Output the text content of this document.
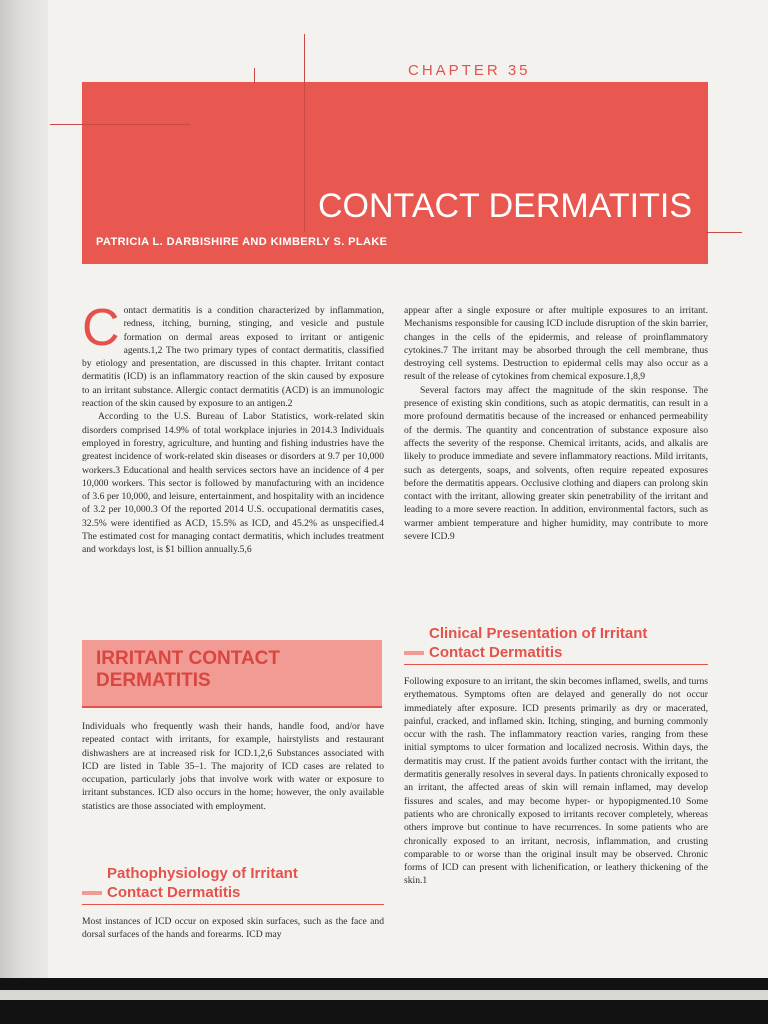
CHAPTER 35

CONTACT DERMATITIS

PATRICIA L. DARBISHIRE AND KIMBERLY S. PLAKE

Contact dermatitis is a condition characterized by inflammation, redness, itching, burning, stinging, and vesicle and pustule formation on dermal areas exposed to irritant or antigenic agents.1,2 The two primary types of contact dermatitis, classified by etiology and presentation, are discussed in this chapter. Irritant contact dermatitis (ICD) is an inflammatory reaction of the skin caused by exposure to an irritant substance. Allergic contact dermatitis (ACD) is an immunologic reaction of the skin caused by exposure to an antigen.2

According to the U.S. Bureau of Labor Statistics, work-related skin disorders comprised 14.9% of total workplace injuries in 2014.3 Individuals employed in forestry, agriculture, and hunting and fishing industries have the greatest incidence of work-related skin diseases or disorders at 9.7 per 10,000 workers.3 Educational and health services sectors have an incidence of 4 per 10,000 workers. This sector is followed by manufacturing with an incidence of 3.6 per 10,000, and leisure, entertainment, and hospitality with an incidence of 3.2 per 10,000.3 Of the reported 2014 U.S. occupational dermatitis cases, 32.5% were identified as ACD, 15.5% as ICD, and 45.2% as unspecified.4 The estimated cost for managing contact dermatitis, which includes treatment and workdays lost, is $1 billion annually.5,6

IRRITANT CONTACT
DERMATITIS

Individuals who frequently wash their hands, handle food, and/or have repeated contact with irritants, for example, hairstylists and restaurant dishwashers are at increased risk for ICD.1,2,6 Substances associated with ICD are listed in Table 35–1. The majority of ICD cases are related to occupation, particularly jobs that involve work with water or exposure to irritant substances. ICD also occurs in the home; however, the only available statistics are those associated with employment.

Pathophysiology of Irritant
Contact Dermatitis

Most instances of ICD occur on exposed skin surfaces, such as the face and dorsal surfaces of the hands and forearms. ICD may

appear after a single exposure or after multiple exposures to an irritant. Mechanisms responsible for causing ICD include disruption of the skin barrier, changes in the cells of the epidermis, and release of proinflammatory cytokines.7 The irritant may be absorbed through the cell membrane, thus destroying cell systems. Destruction to epidermal cells may also occur as a result of the release of cytokines from chemical exposure.1,8,9

Several factors may affect the magnitude of the skin response. The presence of existing skin conditions, such as atopic dermatitis, can result in a more profound dermatitis because of the increased or enhanced permeability of the dermis. The quantity and concentration of substance exposure also affects the severity of the response. Chemical irritants, acids, and alkalis are likely to produce immediate and severe inflammatory reactions. Mild irritants, such as detergents, soaps, and solvents, often require repeated exposures before the dermatitis appears. Occlusive clothing and diapers can prolong skin contact with the irritant, allowing greater skin penetrability of the irritant and leading to a more severe reaction. In addition, environmental factors, such as warmer ambient temperature and higher humidity, may contribute to more severe ICD.9

Clinical Presentation of Irritant
Contact Dermatitis

Following exposure to an irritant, the skin becomes inflamed, swells, and turns erythematous. Symptoms often are delayed and generally do not occur immediately after exposure. ICD presents primarily as dry or macerated, painful, cracked, and inflamed skin. Itching, stinging, and burning commonly occur with the rash. The inflammatory reaction varies, ranging from these initial symptoms to ulcer formation and localized necrosis. Within days, the dermatitis may crust. If the patient avoids further contact with the irritant, the dermatitis generally resolves in several days. In patients chronically exposed to an irritant, the affected areas of skin will remain inflamed, may develop fissures and scales, and may become hyper- or hypopigmented.10 Some patients who are chronically exposed to irritants recover completely, whereas others improve but continue to have recurrences. In some patients who are chronically exposed to an irritant, necrosis, inflammation, and crusting comparable to or worse than the original insult may be observed. Chronic forms of ICD can present with lichenification, or leathery thickening of the skin.1
